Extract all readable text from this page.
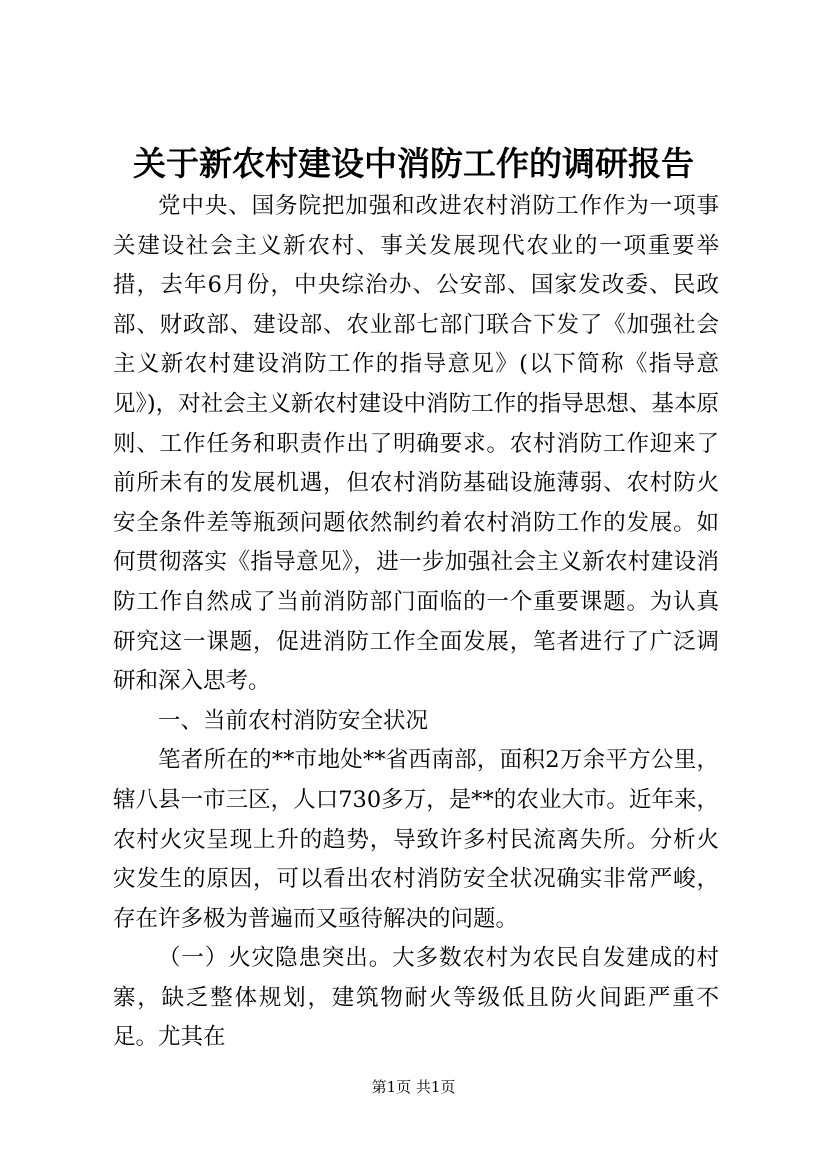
关于新农村建设中消防工作的调研报告

党中央、国务院把加强和改进农村消防工作作为一项事关建设社会主义新农村、事关发展现代农业的一项重要举措，去年6月份，中央综治办、公安部、国家发改委、民政部、财政部、建设部、农业部七部门联合下发了《加强社会主义新农村建设消防工作的指导意见》(以下简称《指导意见》)，对社会主义新农村建设中消防工作的指导思想、基本原则、工作任务和职责作出了明确要求。农村消防工作迎来了前所未有的发展机遇，但农村消防基础设施薄弱、农村防火安全条件差等瓶颈问题依然制约着农村消防工作的发展。如何贯彻落实《指导意见》，进一步加强社会主义新农村建设消防工作自然成了当前消防部门面临的一个重要课题。为认真研究这一课题，促进消防工作全面发展，笔者进行了广泛调研和深入思考。

一、当前农村消防安全状况

笔者所在的**市地处**省西南部，面积2万余平方公里，辖八县一市三区，人口730多万，是**的农业大市。近年来，农村火灾呈现上升的趋势，导致许多村民流离失所。分析火灾发生的原因，可以看出农村消防安全状况确实非常严峻，存在许多极为普遍而又亟待解决的问题。

（一）火灾隐患突出。大多数农村为农民自发建成的村寨，缺乏整体规划，建筑物耐火等级低且防火间距严重不足。尤其在

第1页 共1页
